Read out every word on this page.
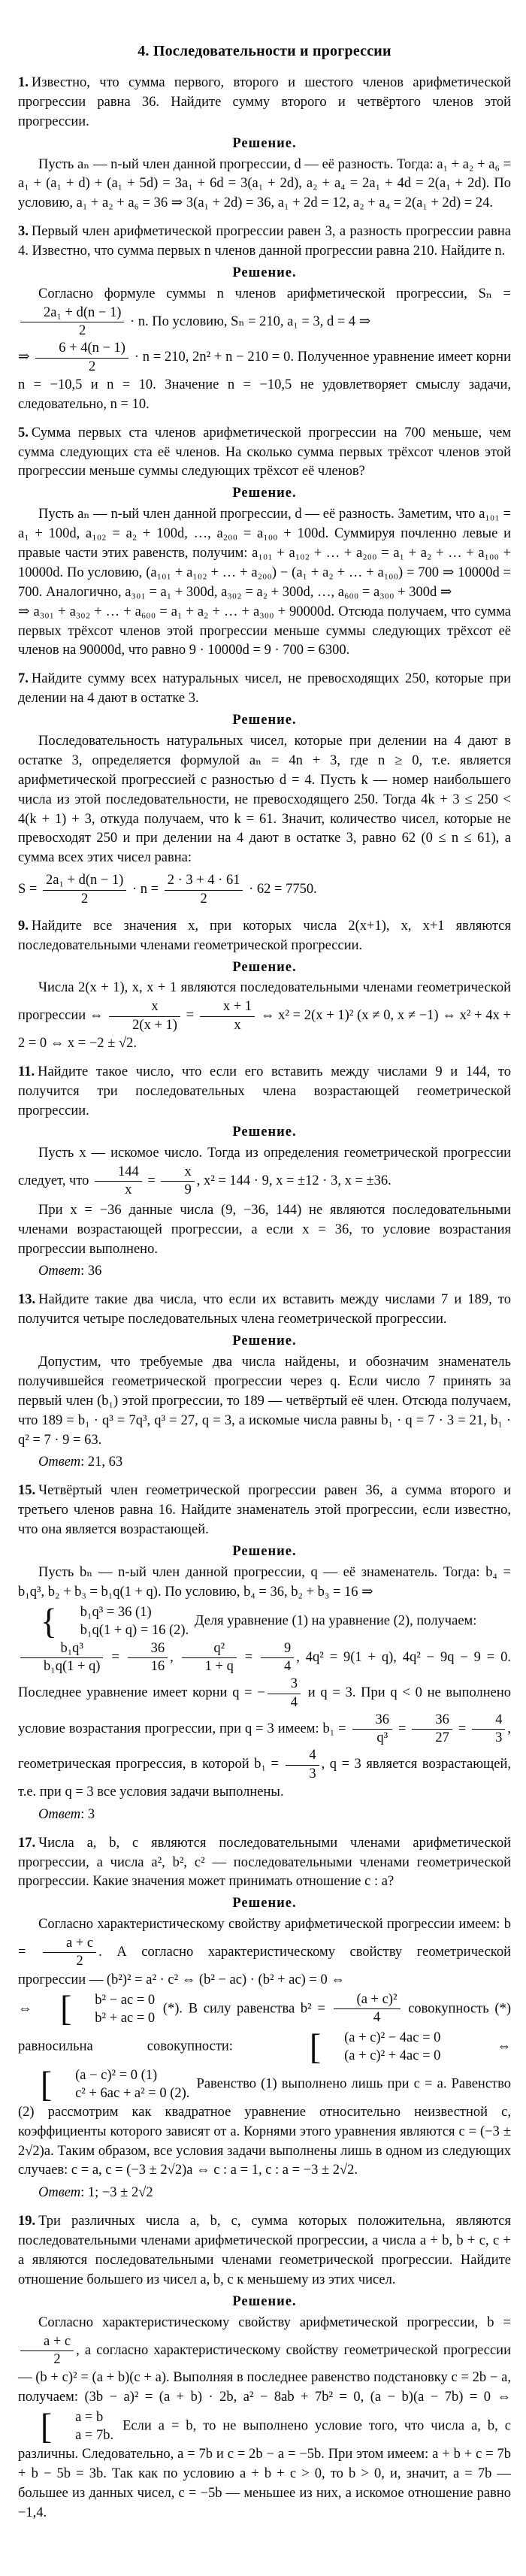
4. Последовательности и прогрессии

1. Известно, что сумма первого, второго и шестого членов арифметической прогрессии равна 36. Найдите сумму второго и четвёртого членов этой прогрессии.

Решение.

Пусть aₙ — n-ый член данной прогрессии, d — её разность. Тогда: a₁ + a₂ + a₆ = a₁ + (a₁ + d) + (a₁ + 5d) = 3a₁ + 6d = 3(a₁ + 2d), a₂ + a₄ = 2a₁ + 4d = 2(a₁ + 2d). По условию, a₁ + a₂ + a₆ = 36 ⇒ 3(a₁ + 2d) = 36, a₁ + 2d = 12, a₂ + a₄ = 2(a₁ + 2d) = 24.

3. Первый член арифметической прогрессии равен 3, а разность прогрессии равна 4. Известно, что сумма первых n членов данной прогрессии равна 210. Найдите n.

Решение.

Согласно формуле суммы n членов арифметической прогрессии, Sₙ =
$\frac{\text{2a₁ + d(n − 1)}}{2} \cdot n$. По условию, Sₙ = 210, a₁ = 3, d = 4 ⇒
⇒ $\frac{6 + 4(n - 1)}{2} \cdot n = 210$, 2n² + n − 210 = 0. Полученное уравнение имеет корни n = −10,5 и n = 10. Значение n = −10,5 не удовлетворяет смыслу задачи, следовательно, n = 10.

5. Сумма первых ста членов арифметической прогрессии на 700 меньше, чем сумма следующих ста её членов. На сколько сумма первых трёхсот членов этой прогрессии меньше суммы следующих трёхсот её членов?

Решение.

Пусть aₙ — n-ый член данной прогрессии, d — её разность. Заметим, что a₁₀₁ = a₁ + 100d, a₁₀₂ = a₂ + 100d, …, a₂₀₀ = a₁₀₀ + 100d. Суммируя почленно левые и правые части этих равенств, получим: a₁₀₁ + a₁₀₂ + … + a₂₀₀ = a₁ + a₂ + … + a₁₀₀ + 10000d. По условию, (a₁₀₁ + a₁₀₂ + … + a₂₀₀) − (a₁ + a₂ + … + a₁₀₀) = 700 ⇒ 10000d = 700. Аналогично, a₃₀₁ = a₁ + 300d, a₃₀₂ = a₂ + 300d, …, a₆₀₀ = a₃₀₀ + 300d ⇒
⇒ a₃₀₁ + a₃₀₂ + … + a₆₀₀ = a₁ + a₂ + … + a₃₀₀ + 90000d. Отсюда получаем, что сумма первых трёхсот членов этой прогрессии меньше суммы следующих трёхсот её членов на 90000d, что равно 9 · 10000d = 9 · 700 = 6300.

7. Найдите сумму всех натуральных чисел, не превосходящих 250, которые при делении на 4 дают в остатке 3.

Решение.

Последовательность натуральных чисел, которые при делении на 4 дают в остатке 3, определяется формулой aₙ = 4n + 3, где n ≥ 0, т.е. является арифметической прогрессией с разностью d = 4. Пусть k — номер наибольшего числа из этой последовательности, не превосходящего 250. Тогда 4k + 3 ≤ 250 < 4(k + 1) + 3, откуда получаем, что k = 61. Значит, количество чисел, которые не превосходят 250 и при делении на 4 дают в остатке 3, равно 62 (0 ≤ n ≤ 61), а сумма всех этих чисел равна:

$S = \frac{\text{2a₁ + d(n − 1)}}{2} \cdot n = \frac{2 \cdot 3 + 4 \cdot 61}{2} \cdot 62 = 7750$.

9. Найдите все значения x, при которых числа 2(x+1), x, x+1 являются последовательными членами геометрической прогрессии.

Решение.

Числа 2(x + 1), x, x + 1 являются последовательными членами геометрической прогрессии ⇔ $\frac{x}{2(x + 1)} = \frac{x + 1}{x}$ ⇔ x² = 2(x + 1)² (x ≠ 0, x ≠ −1) ⇔ x² + 4x + 2 = 0 ⇔ x = −2 ± √2.

11. Найдите такое число, что если его вставить между числами 9 и 144, то получится три последовательных члена возрастающей геометрической прогрессии.

Решение.

Пусть x — искомое число. Тогда из определения геометрической прогрессии следует, что $\frac{144}{x} = \frac{x}{9}$ , x² = 144 · 9, x = ±12 · 3, x = ±36.

При x = −36 данные числа (9, −36, 144) не являются последовательными членами возрастающей прогрессии, а если x = 36, то условие возрастания прогрессии выполнено.

Ответ: 36

13. Найдите такие два числа, что если их вставить между числами 7 и 189, то получится четыре последовательных члена геометрической прогрессии.

Решение.

Допустим, что требуемые два числа найдены, и обозначим знаменатель получившейся геометрической прогрессии через q. Если число 7 принять за первый член (b₁) этой прогрессии, то 189 — четвёртый её член. Отсюда получаем, что 189 = b₁ · q³ = 7q³, q³ = 27, q = 3, а искомые числа равны b₁ · q = 7 · 3 = 21, b₁ · q² = 7 · 9 = 63.

Ответ: 21, 63

15. Четвёртый член геометрической прогрессии равен 36, а сумма второго и третьего членов равна 16. Найдите знаменатель этой прогрессии, если известно, что она является возрастающей.

Решение.

Пусть bₙ — n-ый член данной прогрессии, q — её знаменатель. Тогда: b₄ = b₁q³, b₂ + b₃ = b₁q(1 + q). По условию, b₄ = 36, b₂ + b₃ = 16 ⇒

{	b₁q³ = 36 (1)
b₁q(1 + q) = 16 (2).
Деля уравнение (1) на уравнение (2), получаем:

$\frac{\text{b₁q³}}{\text{b₁q(1 + q)}} = \frac{36}{16}$ , $\frac{\text{q²}}{1 + q} = \frac{9}{4}$ , 4q² = 9(1 + q), 4q² − 9q − 9 = 0. Последнее уравнение имеет корни q = − $\frac{3}{4}$ и q = 3. При q < 0 не выполнено условие возрастания прогрессии, при q = 3 имеем: $b_1 = \frac{36}{\text{q³}} = \frac{36}{27} = \frac{4}{3}$ , геометрическая прогрессия, в которой $b_1 = \frac{4}{3}$ , q = 3 является возрастающей, т.е. при q = 3 все условия задачи выполнены.

Ответ: 3

17. Числа a, b, c являются последовательными членами арифметической прогрессии, а числа a², b², c² — последовательными членами геометрической прогрессии. Какие значения может принимать отношение c : a?

Решение.

Согласно характеристическому свойству арифметической прогрессии имеем: $b = \frac{a + c}{2}$ . А согласно характеристическому свойству геометрической прогрессии — (b²)² = a² · c² ⇔ (b² − ac) · (b² + ac) = 0 ⇔
⇔ [	b² − ac = 0
b² + ac = 0
(*). В силу равенства $b^2 = \frac{\text{(a + c)²}}{4}$ совокупность (*) равносильна совокупности: [	(a + c)² − 4ac = 0
(a + c)² + 4ac = 0
⇔
[	(a − c)² = 0 (1)
c² + 6ac + a² = 0 (2).
Равенство (1) выполнено лишь при c = a. Равенство (2) рассмотрим как квадратное уравнение относительно неизвестной c, коэффициенты которого зависят от a. Корнями этого уравнения являются c = (−3 ± 2√2)a. Таким образом, все условия задачи выполнены лишь в одном из следующих случаев: c = a, c = (−3 ± 2√2)a ⇔ c : a = 1, c : a = −3 ± 2√2.

Ответ: 1; −3 ± 2√2

19. Три различных числа a, b, c, сумма которых положительна, являются последовательными членами арифметической прогрессии, а числа a + b, b + c, c + a являются последовательными членами геометрической прогрессии. Найдите отношение большего из чисел a, b, c к меньшему из этих чисел.

Решение.

Согласно характеристическому свойству арифметической прогрессии, b =
$\frac{a + c}{2}$ , а согласно характеристическому свойству геометрической прогрессии — (b + c)² = (a + b)(c + a). Выполняя в последнее равенство подстановку c = 2b − a, получаем: (3b − a)² = (a + b) · 2b, a² − 8ab + 7b² = 0, (a − b)(a − 7b) = 0 ⇔
[	a = b
a = 7b.
Если a = b, то не выполнено условие того, что числа a, b, c различны. Следовательно, a = 7b и c = 2b − a = −5b. При этом имеем: a + b + c = 7b + b − 5b = 3b. Так как по условию a + b + c > 0, то b > 0, и, значит, a = 7b — большее из данных чисел, c = −5b — меньшее из них, а искомое отношение равно −1,4.
